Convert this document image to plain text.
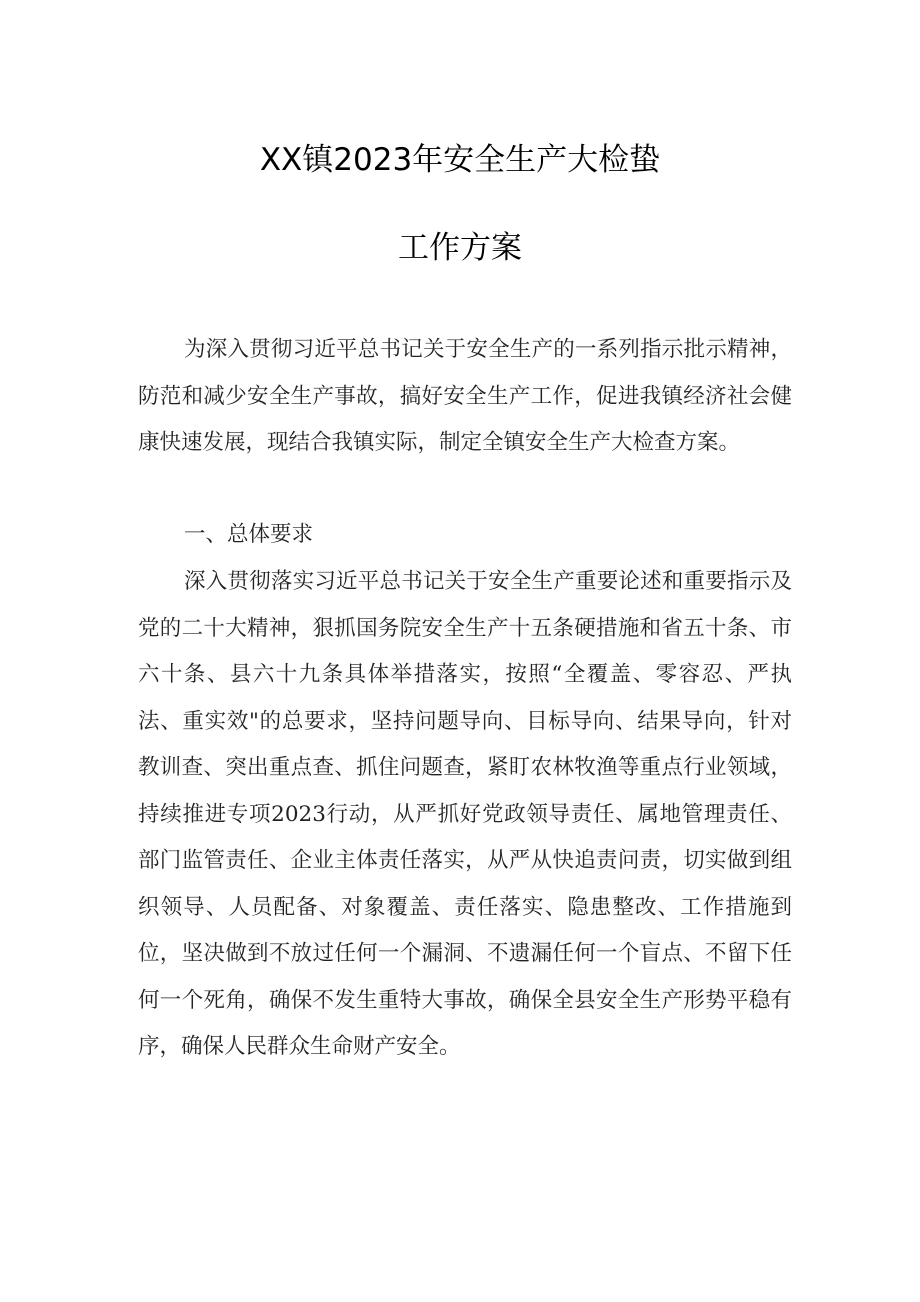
XX镇2023年安全生产大检蛰
工作方案

为深入贯彻习近平总书记关于安全生产的一系列指示批示精神，防范和减少安全生产事故，搞好安全生产工作，促进我镇经济社会健康快速发展，现结合我镇实际，制定全镇安全生产大检查方案。

一、总体要求

深入贯彻落实习近平总书记关于安全生产重要论述和重要指示及党的二十大精神，狠抓国务院安全生产十五条硬措施和省五十条、市六十条、县六十九条具体举措落实，按照“全覆盖、零容忍、严执法、重实效"的总要求，坚持问题导向、目标导向、结果导向，针对教训查、突出重点查、抓住问题查，紧盯农林牧渔等重点行业领域，持续推进专项2023行动，从严抓好党政领导责任、属地管理责任、部门监管责任、企业主体责任落实，从严从快追责问责，切实做到组织领导、人员配备、对象覆盖、责任落实、隐患整改、工作措施到位，坚决做到不放过任何一个漏洞、不遗漏任何一个盲点、不留下任何一个死角，确保不发生重特大事故，确保全县安全生产形势平稳有序，确保人民群众生命财产安全。
